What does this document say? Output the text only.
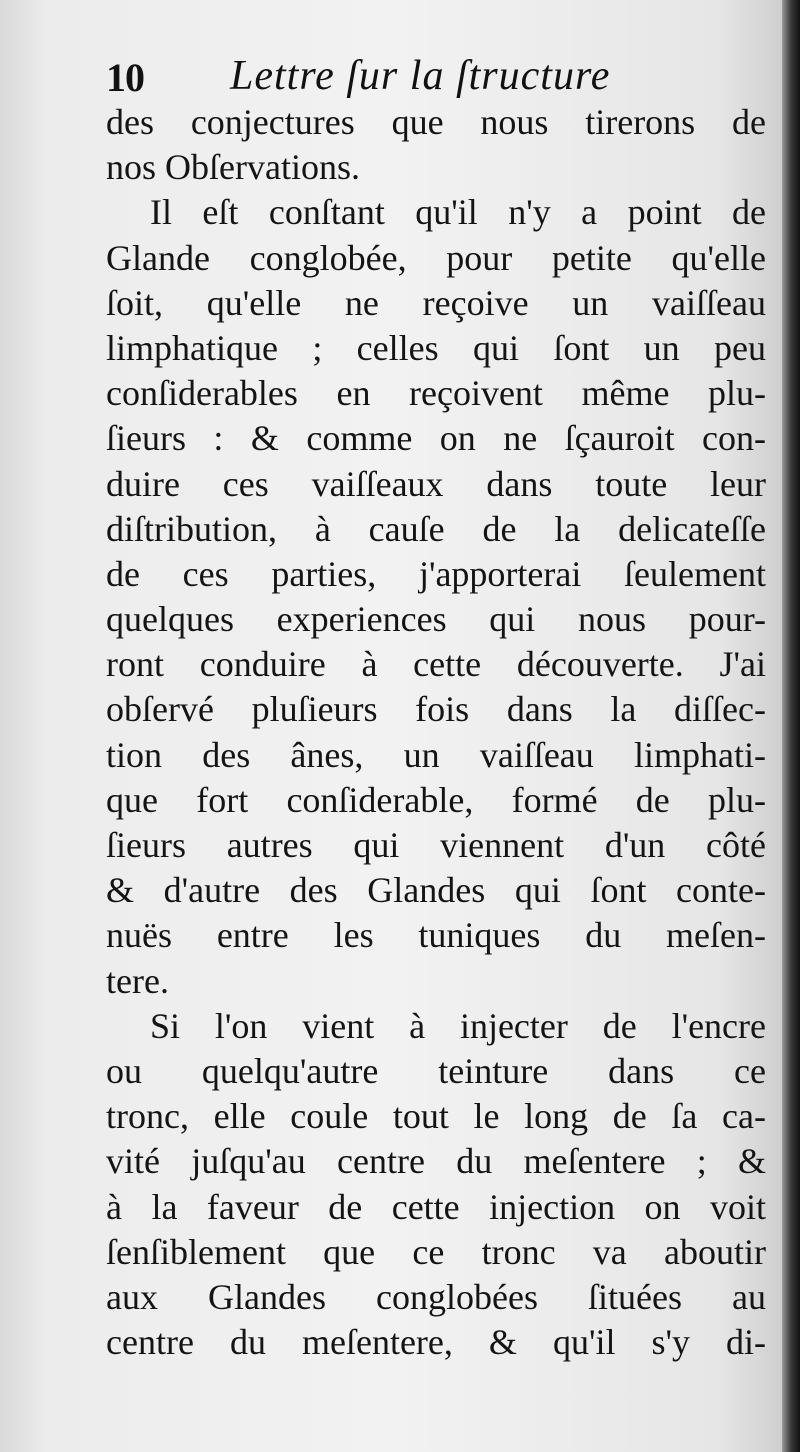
10 Lettre ſur la ſtructure
des conjectures que nous tirerons de
nos Obſervations.
Il eſt conſtant qu'il n'y a point de
Glande conglobée, pour petite qu'elle
ſoit, qu'elle ne reçoive un vaiſſeau
limphatique ; celles qui ſont un peu
conſiderables en reçoivent même plu-
ſieurs : & comme on ne ſçauroit con-
duire ces vaiſſeaux dans toute leur
diſtribution, à cauſe de la delicateſſe
de ces parties, j'apporterai ſeulement
quelques experiences qui nous pour-
ront conduire à cette découverte. J'ai
obſervé pluſieurs fois dans la diſſec-
tion des ânes, un vaiſſeau limphati-
que fort conſiderable, formé de plu-
ſieurs autres qui viennent d'un côté
& d'autre des Glandes qui ſont conte-
nuës entre les tuniques du meſen-
tere.
Si l'on vient à injecter de l'encre
ou quelqu'autre teinture dans ce
tronc, elle coule tout le long de ſa ca-
vité juſqu'au centre du meſentere ; &
à la faveur de cette injection on voit
ſenſiblement que ce tronc va aboutir
aux Glandes conglobées ſituées au
centre du meſentere, & qu'il s'y di-
